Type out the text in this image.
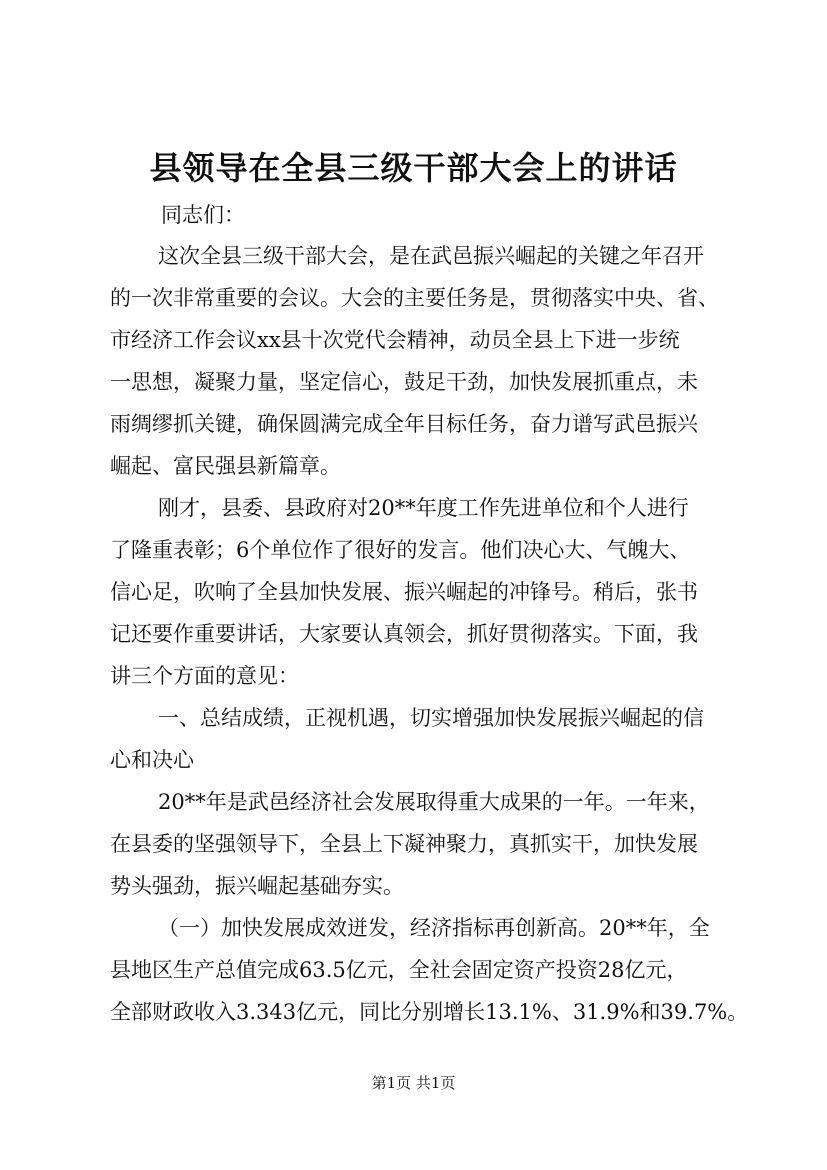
县领导在全县三级干部大会上的讲话
同志们：
这次全县三级干部大会，是在武邑振兴崛起的关键之年召开
的一次非常重要的会议。大会的主要任务是，贯彻落实中央、省、
市经济工作会议xx县十次党代会精神，动员全县上下进一步统
一思想，凝聚力量，坚定信心，鼓足干劲，加快发展抓重点，未
雨绸缪抓关键，确保圆满完成全年目标任务，奋力谱写武邑振兴
崛起、富民强县新篇章。
刚才，县委、县政府对20**年度工作先进单位和个人进行
了隆重表彰；6个单位作了很好的发言。他们决心大、气魄大、
信心足，吹响了全县加快发展、振兴崛起的冲锋号。稍后，张书
记还要作重要讲话，大家要认真领会，抓好贯彻落实。下面，我
讲三个方面的意见：
一、总结成绩，正视机遇，切实增强加快发展振兴崛起的信
心和决心
20**年是武邑经济社会发展取得重大成果的一年。一年来，
在县委的坚强领导下，全县上下凝神聚力，真抓实干，加快发展
势头强劲，振兴崛起基础夯实。
（一）加快发展成效迸发，经济指标再创新高。20**年，全
县地区生产总值完成63.5亿元，全社会固定资产投资28亿元，
全部财政收入3.343亿元，同比分别增长13.1%、31.9%和39.7%。
第1页 共1页
